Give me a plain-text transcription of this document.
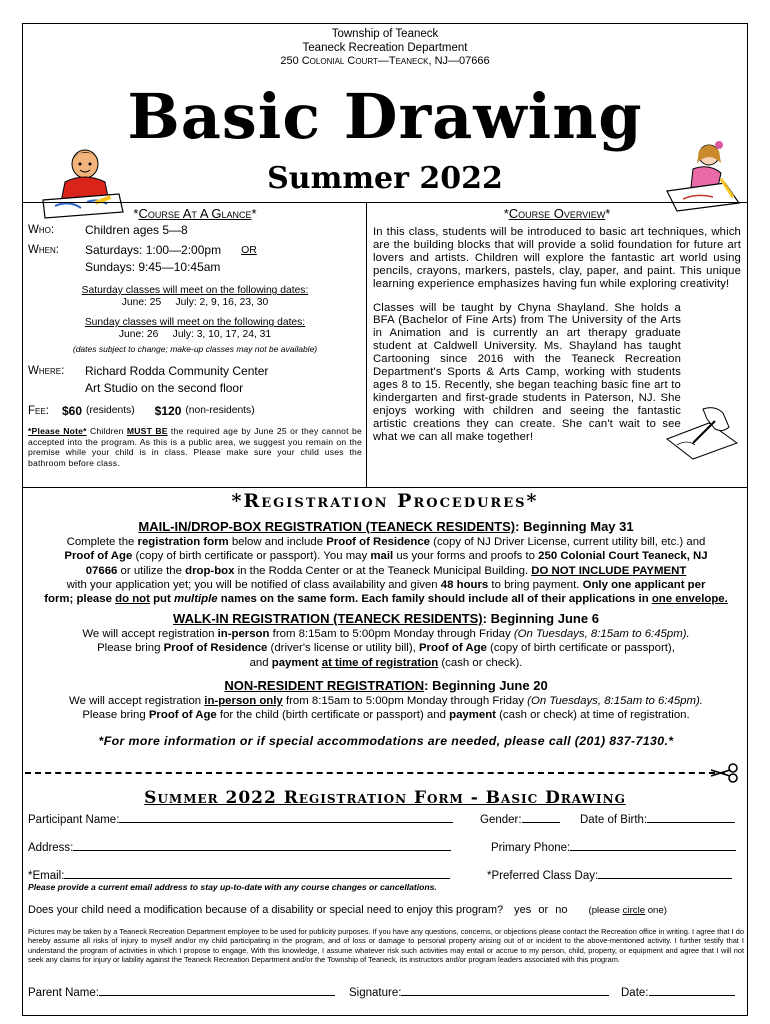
Township of Teaneck
Teaneck Recreation Department
250 Colonial Court—Teaneck, NJ—07666
Basic Drawing
Summer 2022
*Course At A Glance*
Who:	Children ages 5—8
When:	Saturdays: 1:00—2:00pm OR
Sundays: 9:45—10:45am
Saturday classes will meet on the following dates:
June: 25     July: 2, 9, 16, 23, 30
Sunday classes will meet on the following dates:
June: 26     July: 3, 10, 17, 24, 31
(dates subject to change; make-up classes may not be available)
Where:	Richard Rodda Community Center
Art Studio on the second floor
Fee:	$60 (residents)	$120 (non-residents)
*Please Note* Children MUST BE the required age by June 25 or they cannot be accepted into the program. As this is a public area, we suggest you remain on the premise while your child is in class. Please make sure your child uses the bathroom before class.
*Course Overview*
In this class, students will be introduced to basic art techniques, which are the building blocks that will provide a solid foundation for future art lovers and artists. Children will explore the fantastic art world using pencils, crayons, markers, pastels, clay, paper, and paint. This unique learning experience emphasizes having fun while exploring creativity!
Classes will be taught by Chyna Shayland. She holds a BFA (Bachelor of Fine Arts) from The University of the Arts in Animation and is currently an art therapy graduate student at Caldwell University. Ms. Shayland has taught Cartooning since 2016 with the Teaneck Recreation Department's Sports & Arts Camp, working with students ages 8 to 15. Recently, she began teaching basic fine art to kindergarten and first-grade students in Paterson, NJ. She enjoys working with children and seeing the fantastic artistic creations they can create. She can't wait to see what we can all make together!
*Registration Procedures*
MAIL-IN/DROP-BOX REGISTRATION (TEANECK RESIDENTS): Beginning May 31
Complete the registration form below and include Proof of Residence (copy of NJ Driver License, current utility bill, etc.) and
Proof of Age (copy of birth certificate or passport). You may mail us your forms and proofs to 250 Colonial Court Teaneck, NJ
07666 or utilize the drop-box in the Rodda Center or at the Teaneck Municipal Building. DO NOT INCLUDE PAYMENT
with your application yet; you will be notified of class availability and given 48 hours to bring payment. Only one applicant per
form; please do not put multiple names on the same form. Each family should include all of their applications in one envelope.
WALK-IN REGISTRATION (TEANECK RESIDENTS): Beginning June 6
We will accept registration in-person from 8:15am to 5:00pm Monday through Friday (On Tuesdays, 8:15am to 6:45pm).
Please bring Proof of Residence (driver's license or utility bill), Proof of Age (copy of birth certificate or passport),
and payment at time of registration (cash or check).
NON-RESIDENT REGISTRATION: Beginning June 20
We will accept registration in-person only from 8:15am to 5:00pm Monday through Friday (On Tuesdays, 8:15am to 6:45pm).
Please bring Proof of Age for the child (birth certificate or passport) and payment (cash or check) at time of registration.
*For more information or if special accommodations are needed, please call (201) 837-7130.*
Summer 2022 Registration Form - Basic Drawing
Participant Name:	Gender:	Date of Birth:
Address:	Primary Phone:
*Email:	*Preferred Class Day:
Please provide a current email address to stay up-to-date with any course changes or cancellations.
Does your child need a modification because of a disability or special need to enjoy this program? yes or no (please circle one)
Pictures may be taken by a Teaneck Recreation Department employee to be used for publicity purposes. If you have any questions, concerns, or objections please contact the Recreation office in writing. I agree that I do hereby assume all risks of injury to myself and/or my child participating in the program, and of loss or damage to personal property arising out of or incident to the above-mentioned activity. I further testify that I understand the program of activities in which I propose to engage. With this knowledge, I assume whatever risk such activities may entail or accrue to my person, child, property, or equipment and agree that I will not seek any claims for injury or liability against the Teaneck Recreation Department and/or the Township of Teaneck, its instructors and/or program leaders associated with this program.
Parent Name:	Signature:	Date:
